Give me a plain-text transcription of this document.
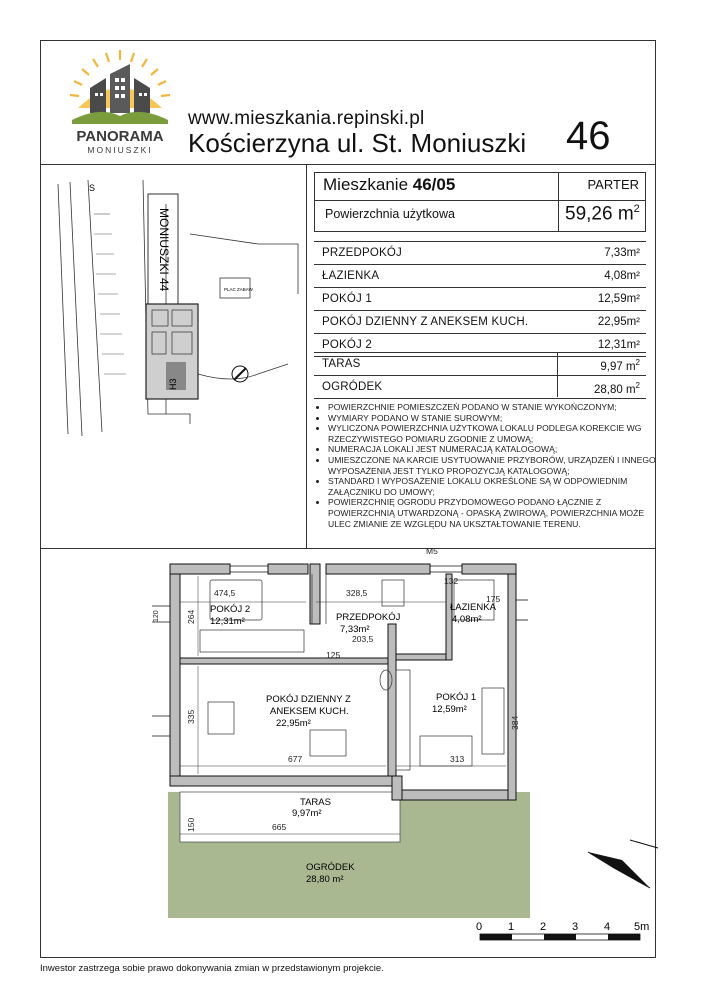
PANORAMA
MONIUSZKI
www.mieszkania.repinski.pl
Kościerzyna ul. St. Moniuszki 46
MONIUSZKI 44
H3
S
PLAC ZABAW
Mieszkanie 46/05	PARTER
Powierzchnia użytkowa	59,26 $m^2$
PRZEDPOKÓJ	7,33m²
ŁAZIENKA	4,08m²
POKÓJ 1	12,59m²
POKÓJ DZIENNY Z ANEKSEM KUCH.	22,95m²
POKÓJ 2	12,31m²
TARAS	9,97 $m^2$
OGRÓDEK	28,80 $m^2$
• POWIERZCHNIE POMIESZCZEŃ PODANO W STANIE WYKOŃCZONYM;
• WYMIARY PODANO W STANIE SUROWYM;
• WYLICZONA POWIERZCHNIA UŻYTKOWA LOKALU PODLEGA KOREKCIE WG RZECZYWISTEGO POMIARU ZGODNIE Z UMOWĄ;
• NUMERACJA LOKALI JEST NUMERACJĄ KATALOGOWĄ;
• UMIESZCZONE NA KARCIE USYTUOWANIE PRZYBORÓW, URZĄDZEŃ I INNEGO WYPOSAŻENIA JEST TYLKO PROPOZYCJĄ KATALOGOWĄ;
• STANDARD I WYPOSAŻENIE LOKALU OKREŚLONE SĄ W ODPOWIEDNIM ZAŁĄCZNIKU DO UMOWY;
• POWIERZCHNIĘ OGRODU PRZYDOMOWEGO PODANO ŁĄCZNIE Z POWIERZCHNIĄ UTWARDZONĄ - OPASKĄ ŻWIROWĄ, POWIERZCHNIA MOŻE ULEC ZMIANIE ZE WZGLĘDU NA UKSZTAŁTOWANIE TERENU.
POKÓJ 2
12,31m²	PRZEDPOKÓJ
7,33m²
ŁAZIENKA
4,08m²
POKÓJ DZIENNY Z
ANEKSEM KUCH.
22,95m²
POKÓJ 1
12,59m²
TARAS
9,97m²
OGRÓDEK
28,80 m²
474,5	328,5
132
175
264
203,5
125
335	384
677	313
150	665
120
M5
0 1 2 3 4 5m
Inwestor zastrzega sobie prawo dokonywania zmian w przedstawionym projekcie.
